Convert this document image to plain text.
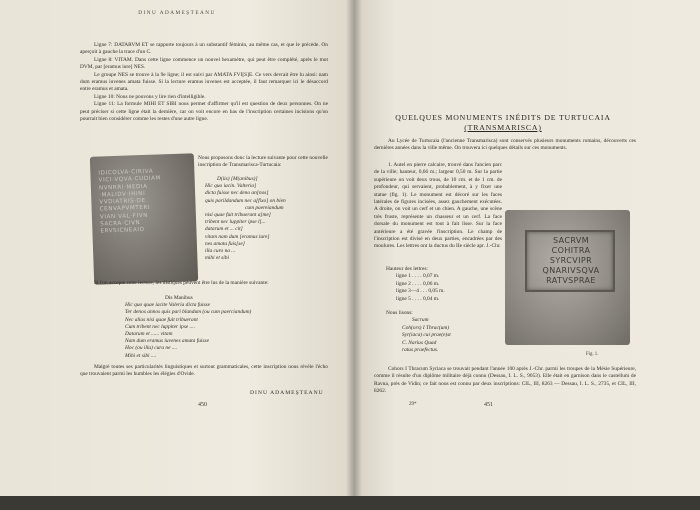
DINU ADAMEȘTEANU

Ligne 7: DATARVM ET se rapporte toujours à un substantif féminin, au même cas, et que le précède. On aperçoit à gauche la trace d'un C.

Ligne 8: VITAM. Dans cette ligne commence un nouvel hexamètre, qui peut être complété, après le mot DVM, par [eramus iure] NES.

Le groupe NES se trouve à la 9e ligne; il est suivi par AMATA FVI[S]E. Ce vers devrait être lu ainsi: nam dum eramus iuvenes amata fuisse. Si la lecture eramus iuvenes est acceptée, il faut remarquer ici le désaccord entre eramus et amata.

Ligne 10: Nous ne pouvons y lire rien d'intelligible.

Ligne 11: La formule MIHI ET SIBI nous permet d'affirmer qu'il est question de deux personnes. On ne peut préciser si cette ligne était la dernière, car on voit encore en bas de l'inscription certaines incisions qu'on pourrait bien considérer comme les restes d'une autre ligne.

Nous proposons donc la lecture suivante pour cette nouvelle inscription de Transmarisca-Turtucaia:
IDICOLVA·CIRIVA
VICI·VQVA·CUDIAM
NVNRRI·MEDIA
·MALIDV·IHINI
VVDIATRIS·DE
CENVAPVMTERI
VIAN·VAL·FIVN
SACRA·CIVN
ERVSICNEAIO
D(iis) [M(anibus)]
Hic quo iacin. Valteria]
dicta fuisse nec deno an[nos]
quis parildandum nec a[fixo] on bien
cum paereiandum
nisi quae fuit tribuerant a[me]
tribent nec luppiter ipse l[...
datarum et ... cit]
vitam nam dum [eramus iure]
nes amata fuis[se]
illa curo na ...
mihi et sibi

Si l'on accepte cette lecture, les distiques peuvent être lus de la manière suivante:

Dis Manibus
Hic quo quae iacite Valeria dicta fuisse
Ter denos annos quis pari blandum (ou cum paerciandum)
Nec alias nisi quae fuit tribuerant
Cum tribent nec luppiter ipse ....
Datarum et ...... vitam
Nam dum eramus iuvenes amata fuisse
Hoc (ou illa) cura ne ....
Mihi et sibi ....

Malgré toutes ses particularités linguistiques et surtout grammaticales, cette inscription nous révèle l'écho que trouvaient parmi les humbles les élégies d'Ovide.

DINU ADAMEȘTEANU
450
QUELQUES MONUMENTS INÉDITS DE TURTUCAIA
(TRANSMARISCA)

Au Lycée de Turtucaia (l'ancienne Transmarisca) sont conservés plusieurs monuments romains, découverts ces dernières années dans la ville même. On trouvera ici quelques détails sur ces monuments.

1. Autel en pierre calcaire, trouvé dans l'ancien parc de la ville; hauteur, 0,66 m.; largeur 0,50 m. Sur la partie supérieure on voit deux trous, de 10 cm. et de 1 cm. de profondeur, qui servaient, probablement, à y fixer une statue (fig. 1). Le monument est décoré sur les faces latérales de figures incisées, assez gauchement exécutées. A droite, on voit un cerf et un chien. A gauche, une scène très fruste, représente un chasseur et un cerf. La face dorsale du monument est tout à fait lisse. Sur la face antérieure a été gravée l'inscription. Le champ de l'inscription est divisé en deux parties, encadrées par des moulures. Les lettres ont la ductus du IIe siècle apr. J.-Chr.

Hauteur des lettres:
ligne 1 . . . . 0,07 m.
ligne 2 . . . . 0,06 m.
ligne 3—4 . . . 0,05 m.
ligne 5 . . . . 0,04 m.
Nous lisons:
Sacrum
Coh(ors) I Thrac(um)
Syr(iaca) cui prae(e)st
C. Narius Quad
ratus praefectus.
Fig. 1.

Cohors I Thracum Syriaca se trouvait pendant l'année 100 après J.-Chr. parmi les troupes de la Mésie Supérieure, comme il résulte d'un diplôme militaire déjà connu (Dessau, I. L. S., 9053). Elle était en garnison dans le castellum de Ravna, près de Vidin; ce fait nous est connu par deux inscriptions: CIL, III, 8263 — Dessau, I. L. S., 2735, et CIL, III, 8262.

29*	451
SACRVM
COHITRA
SYRCVIPR
QNARIVSQVA
RATVSPRAE
